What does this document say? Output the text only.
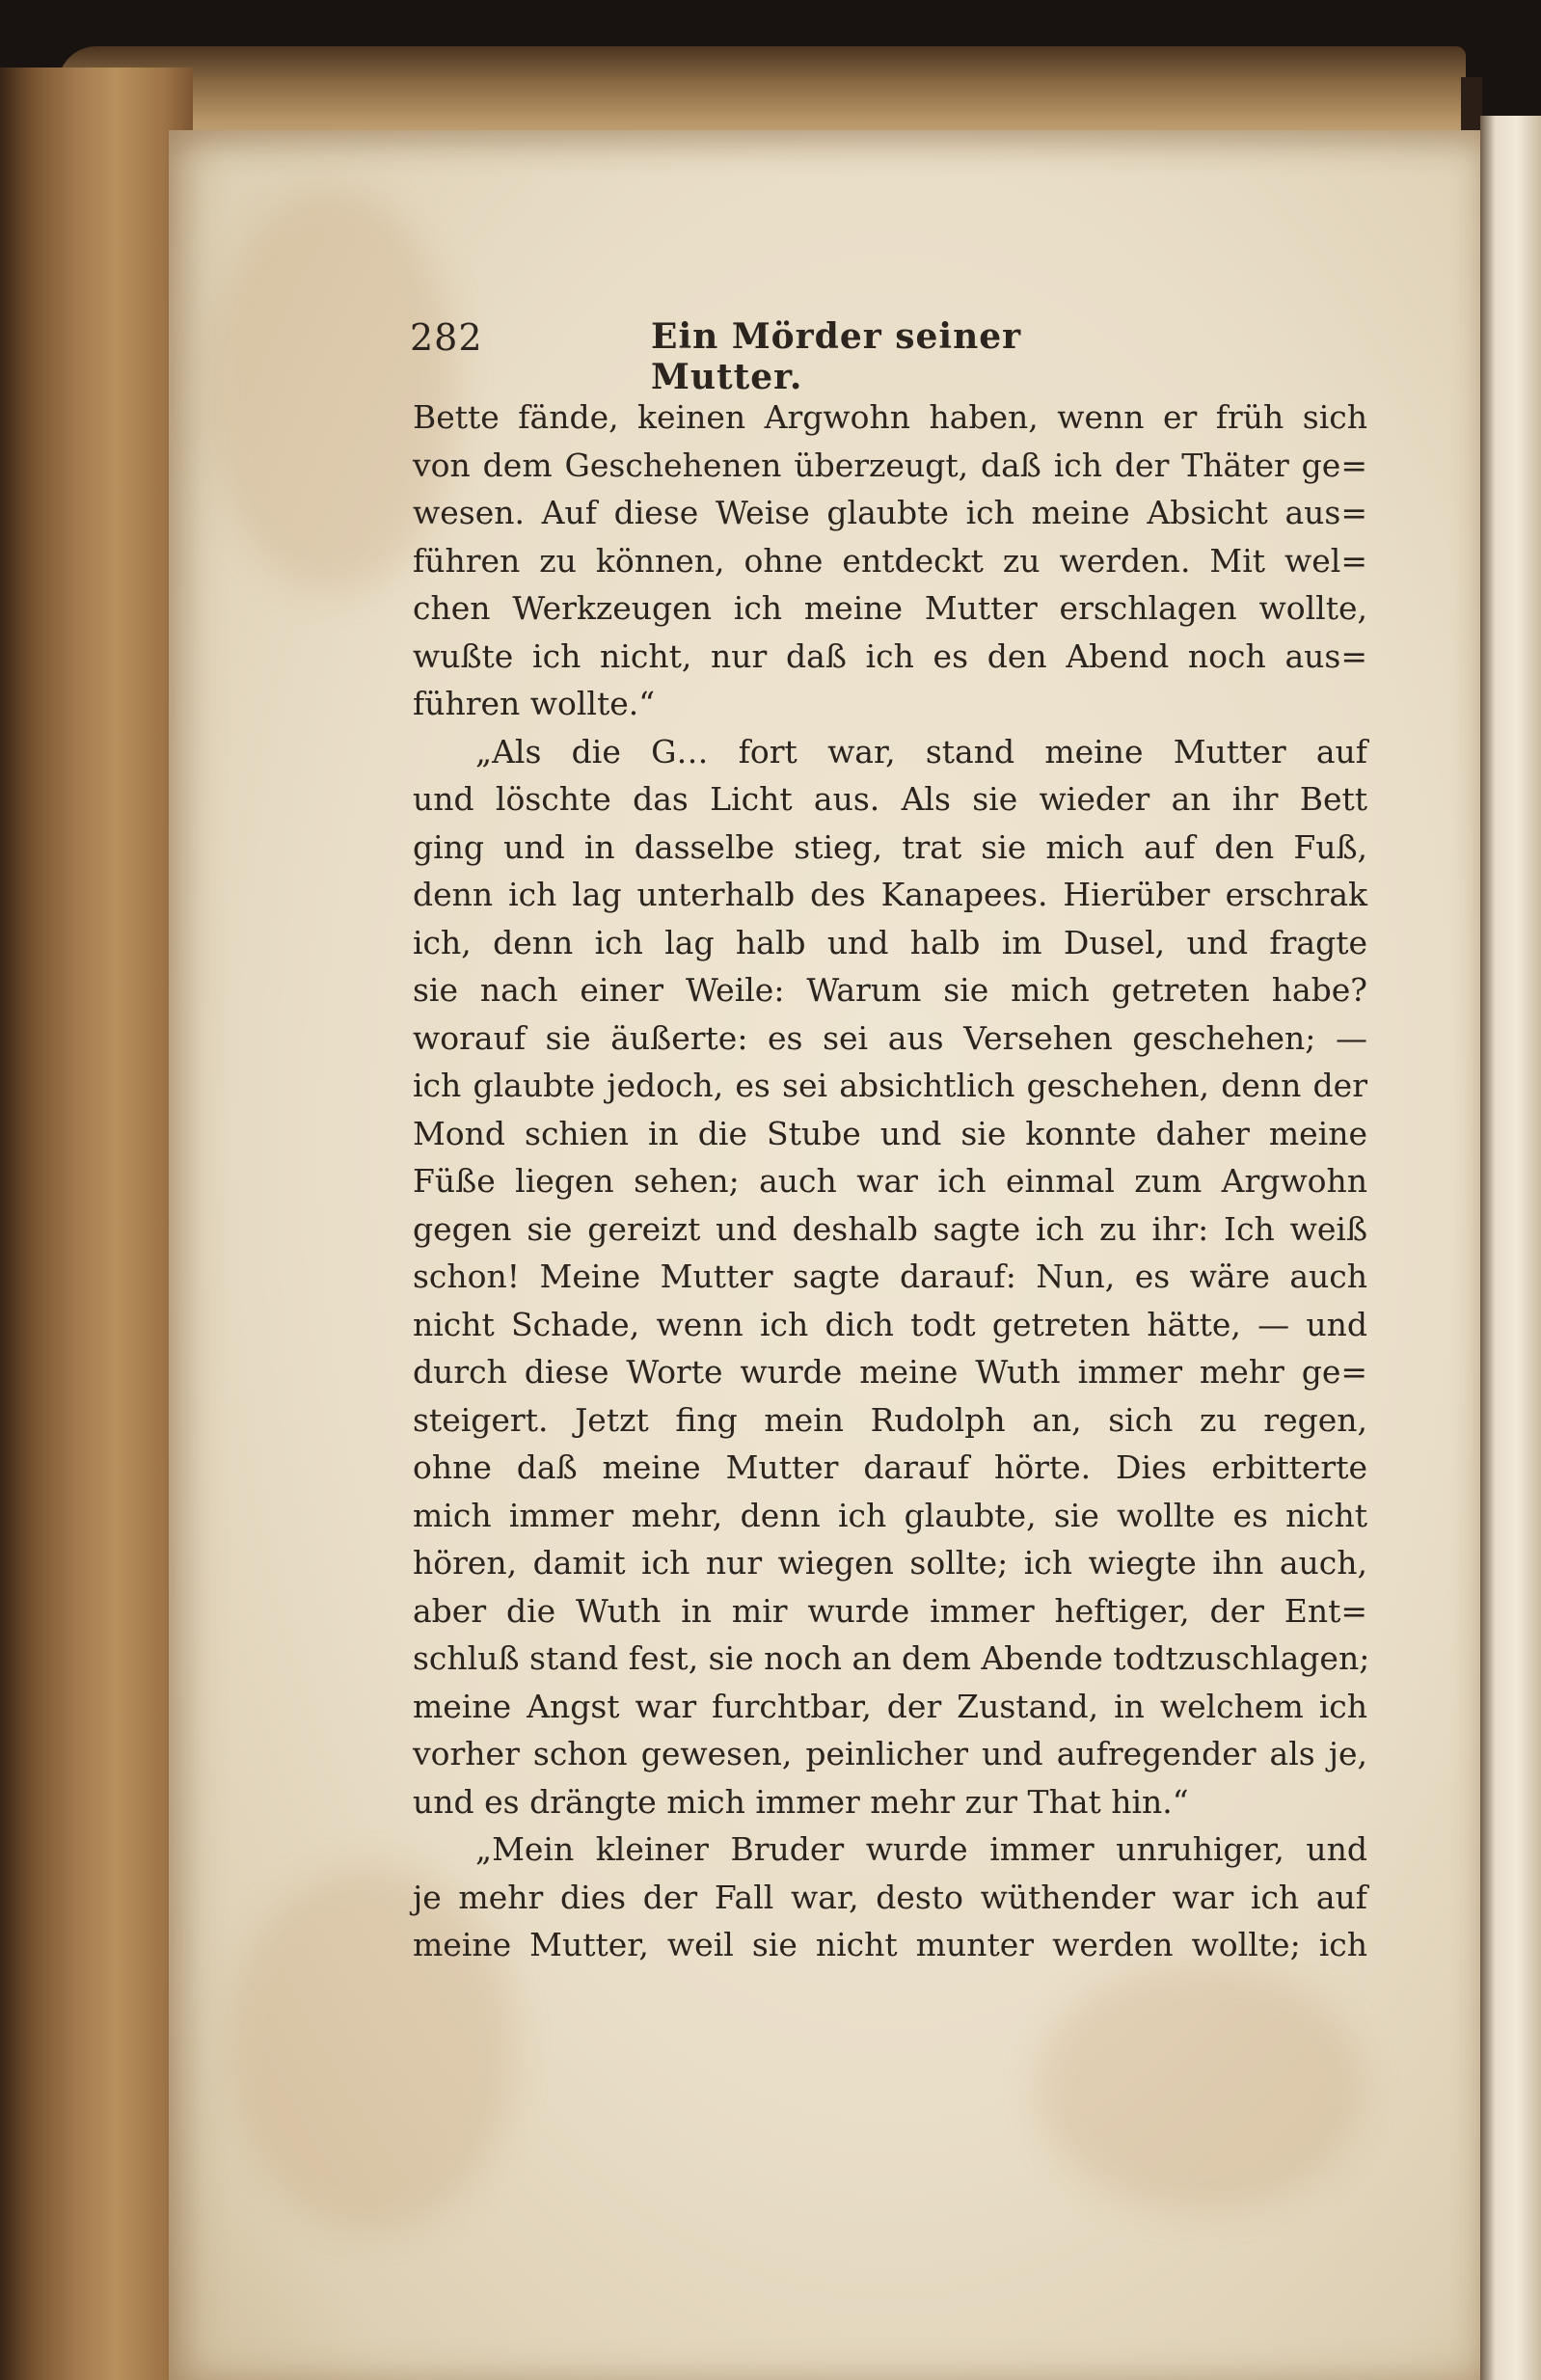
282	Ein Mörder seiner Mutter.
Bette fände, keinen Argwohn haben, wenn er früh sich
von dem Geschehenen überzeugt, daß ich der Thäter ge=
wesen. Auf diese Weise glaubte ich meine Absicht aus=
führen zu können, ohne entdeckt zu werden. Mit wel=
chen Werkzeugen ich meine Mutter erschlagen wollte,
wußte ich nicht, nur daß ich es den Abend noch aus=
führen wollte.“
„Als die G… fort war, stand meine Mutter auf
und löschte das Licht aus. Als sie wieder an ihr Bett
ging und in dasselbe stieg, trat sie mich auf den Fuß,
denn ich lag unterhalb des Kanapees. Hierüber erschrak
ich, denn ich lag halb und halb im Dusel, und fragte
sie nach einer Weile: Warum sie mich getreten habe?
worauf sie äußerte: es sei aus Versehen geschehen; —
ich glaubte jedoch, es sei absichtlich geschehen, denn der
Mond schien in die Stube und sie konnte daher meine
Füße liegen sehen; auch war ich einmal zum Argwohn
gegen sie gereizt und deshalb sagte ich zu ihr: Ich weiß
schon! Meine Mutter sagte darauf: Nun, es wäre auch
nicht Schade, wenn ich dich todt getreten hätte, — und
durch diese Worte wurde meine Wuth immer mehr ge=
steigert. Jetzt fing mein Rudolph an, sich zu regen,
ohne daß meine Mutter darauf hörte. Dies erbitterte
mich immer mehr, denn ich glaubte, sie wollte es nicht
hören, damit ich nur wiegen sollte; ich wiegte ihn auch,
aber die Wuth in mir wurde immer heftiger, der Ent=
schluß stand fest, sie noch an dem Abende todtzuschlagen;
meine Angst war furchtbar, der Zustand, in welchem ich
vorher schon gewesen, peinlicher und aufregender als je,
und es drängte mich immer mehr zur That hin.“
„Mein kleiner Bruder wurde immer unruhiger, und
je mehr dies der Fall war, desto wüthender war ich auf
meine Mutter, weil sie nicht munter werden wollte; ich
